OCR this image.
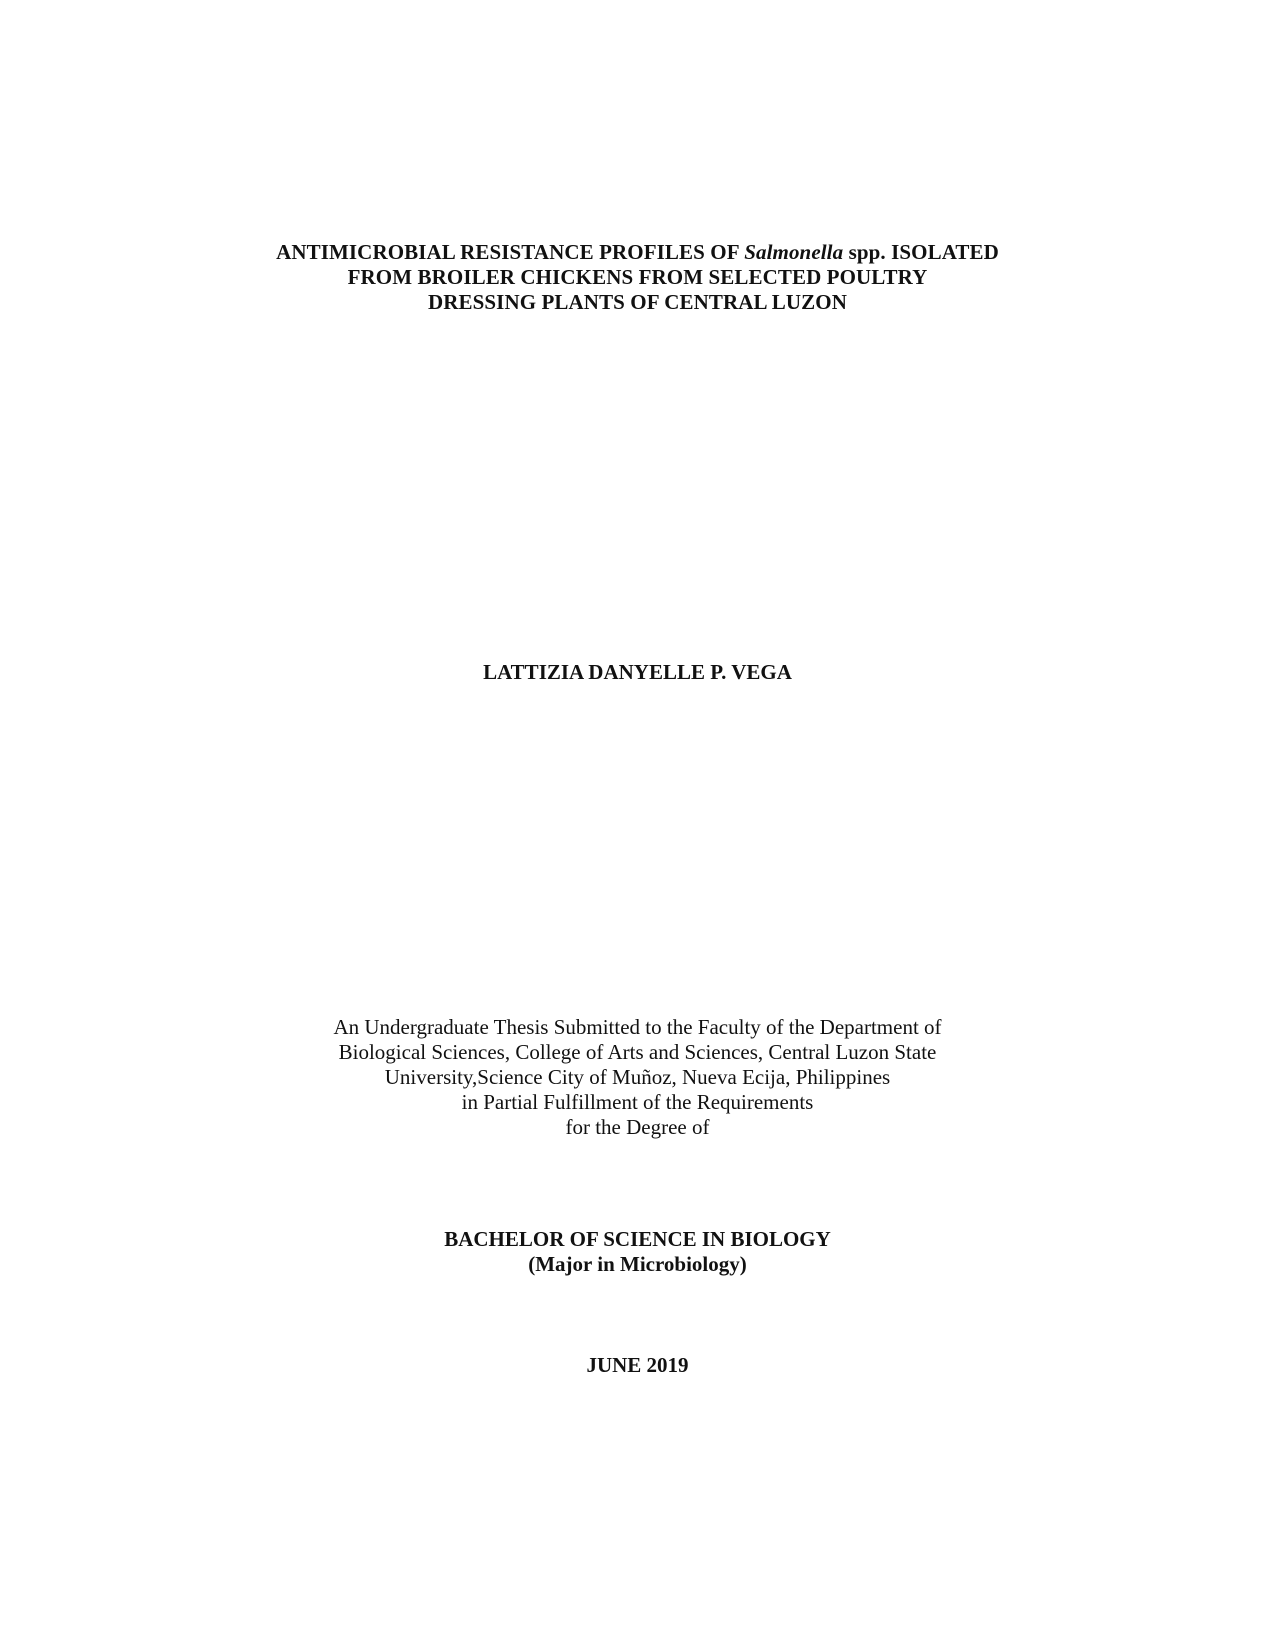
ANTIMICROBIAL RESISTANCE PROFILES OF Salmonella spp. ISOLATED
FROM BROILER CHICKENS FROM SELECTED POULTRY
DRESSING PLANTS OF CENTRAL LUZON
LATTIZIA DANYELLE P. VEGA
An Undergraduate Thesis Submitted to the Faculty of the Department of
Biological Sciences, College of Arts and Sciences, Central Luzon State
University,Science City of Muñoz, Nueva Ecija, Philippines
in Partial Fulfillment of the Requirements
for the Degree of
BACHELOR OF SCIENCE IN BIOLOGY
(Major in Microbiology)
JUNE 2019
